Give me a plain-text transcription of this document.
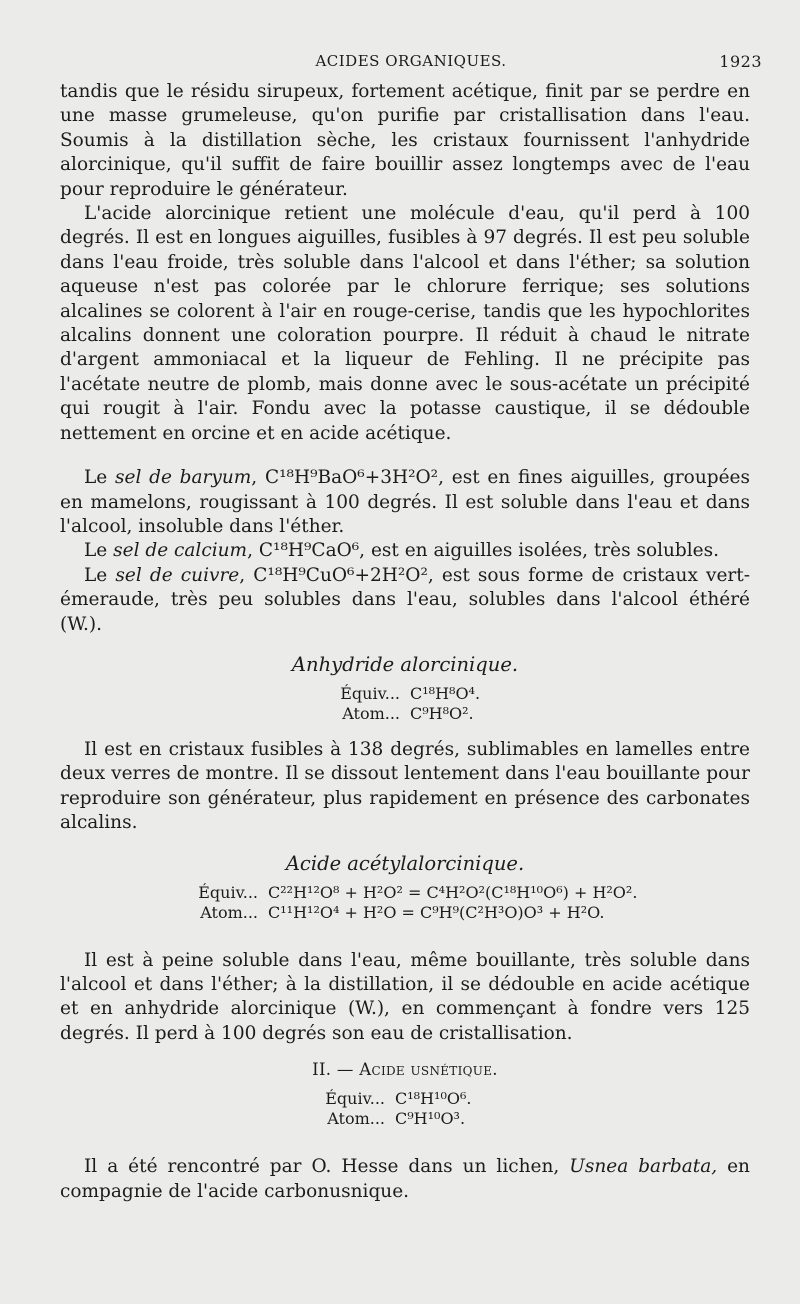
ACIDES ORGANIQUES.	1923

tandis que le résidu sirupeux, fortement acétique, finit par se perdre en une masse grumeleuse, qu'on purifie par cristallisation dans l'eau. Soumis à la distillation sèche, les cristaux fournissent l'anhydride alorcinique, qu'il suffit de faire bouillir assez longtemps avec de l'eau pour reproduire le générateur.

L'acide alorcinique retient une molécule d'eau, qu'il perd à 100 degrés. Il est en longues aiguilles, fusibles à 97 degrés. Il est peu soluble dans l'eau froide, très soluble dans l'alcool et dans l'éther; sa solution aqueuse n'est pas colorée par le chlorure ferrique; ses solutions alcalines se colorent à l'air en rouge-cerise, tandis que les hypochlorites alcalins donnent une coloration pourpre. Il réduit à chaud le nitrate d'argent ammoniacal et la liqueur de Fehling. Il ne précipite pas l'acétate neutre de plomb, mais donne avec le sous-acétate un précipité qui rougit à l'air. Fondu avec la potasse caustique, il se dédouble nettement en orcine et en acide acétique.

Le sel de baryum, C¹⁸H⁹BaO⁶+3H²O², est en fines aiguilles, groupées en mamelons, rougissant à 100 degrés. Il est soluble dans l'eau et dans l'alcool, insoluble dans l'éther.

Le sel de calcium, C¹⁸H⁹CaO⁶, est en aiguilles isolées, très solubles.

Le sel de cuivre, C¹⁸H⁹CuO⁶+2H²O², est sous forme de cristaux vert-émeraude, très peu solubles dans l'eau, solubles dans l'alcool éthéré (W.).

Anhydride alorcinique.
Équiv... C¹⁸H⁸O⁴.
Atom... C⁹H⁸O².

Il est en cristaux fusibles à 138 degrés, sublimables en lamelles entre deux verres de montre. Il se dissout lentement dans l'eau bouillante pour reproduire son générateur, plus rapidement en présence des carbonates alcalins.

Acide acétylalorcinique.
Équiv... C²²H¹²O⁸ + H²O² = C⁴H²O²(C¹⁸H¹⁰O⁶) + H²O².
Atom... C¹¹H¹²O⁴ + H²O = C⁹H⁹(C²H³O)O³ + H²O.

Il est à peine soluble dans l'eau, même bouillante, très soluble dans l'alcool et dans l'éther; à la distillation, il se dédouble en acide acétique et en anhydride alorcinique (W.), en commençant à fondre vers 125 degrés. Il perd à 100 degrés son eau de cristallisation.

II. — Acide usnétique.
Équiv... C¹⁸H¹⁰O⁶.
Atom... C⁹H¹⁰O³.

Il a été rencontré par O. Hesse dans un lichen, Usnea barbata, en compagnie de l'acide carbonusnique.
